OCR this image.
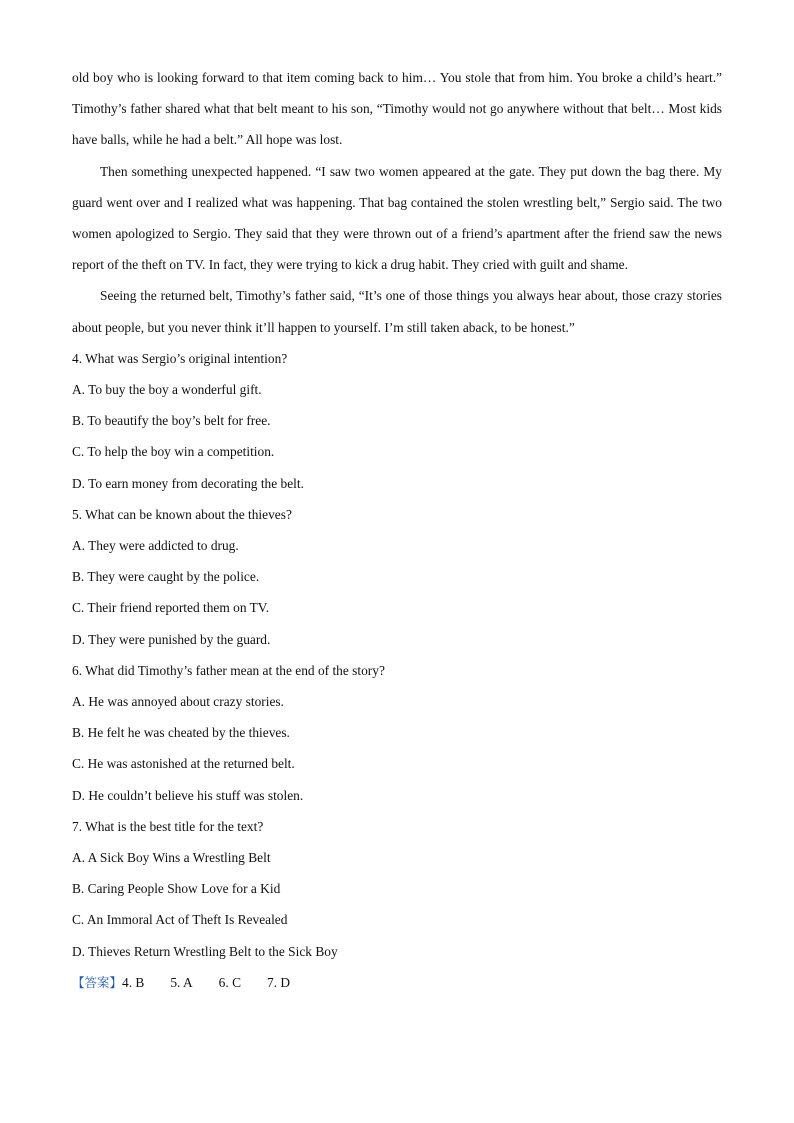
old boy who is looking forward to that item coming back to him… You stole that from him. You broke a child’s heart.” Timothy’s father shared what that belt meant to his son, “Timothy would not go anywhere without that belt… Most kids have balls, while he had a belt.” All hope was lost.

Then something unexpected happened. “I saw two women appeared at the gate. They put down the bag there. My guard went over and I realized what was happening. That bag contained the stolen wrestling belt,” Sergio said. The two women apologized to Sergio. They said that they were thrown out of a friend’s apartment after the friend saw the news report of the theft on TV. In fact, they were trying to kick a drug habit. They cried with guilt and shame.

Seeing the returned belt, Timothy’s father said, “It’s one of those things you always hear about, those crazy stories about people, but you never think it’ll happen to yourself. I’m still taken aback, to be honest.”

4. What was Sergio’s original intention?

A. To buy the boy a wonderful gift.

B. To beautify the boy’s belt for free.

C. To help the boy win a competition.

D. To earn money from decorating the belt.

5. What can be known about the thieves?

A. They were addicted to drug.

B. They were caught by the police.

C. Their friend reported them on TV.

D. They were punished by the guard.

6. What did Timothy’s father mean at the end of the story?

A. He was annoyed about crazy stories.

B. He felt he was cheated by the thieves.

C. He was astonished at the returned belt.

D. He couldn’t believe his stuff was stolen.

7. What is the best title for the text?

A. A Sick Boy Wins a Wrestling Belt

B. Caring People Show Love for a Kid

C. An Immoral Act of Theft Is Revealed

D. Thieves Return Wrestling Belt to the Sick Boy

【答案】4. B 5. A 6. C 7. D
